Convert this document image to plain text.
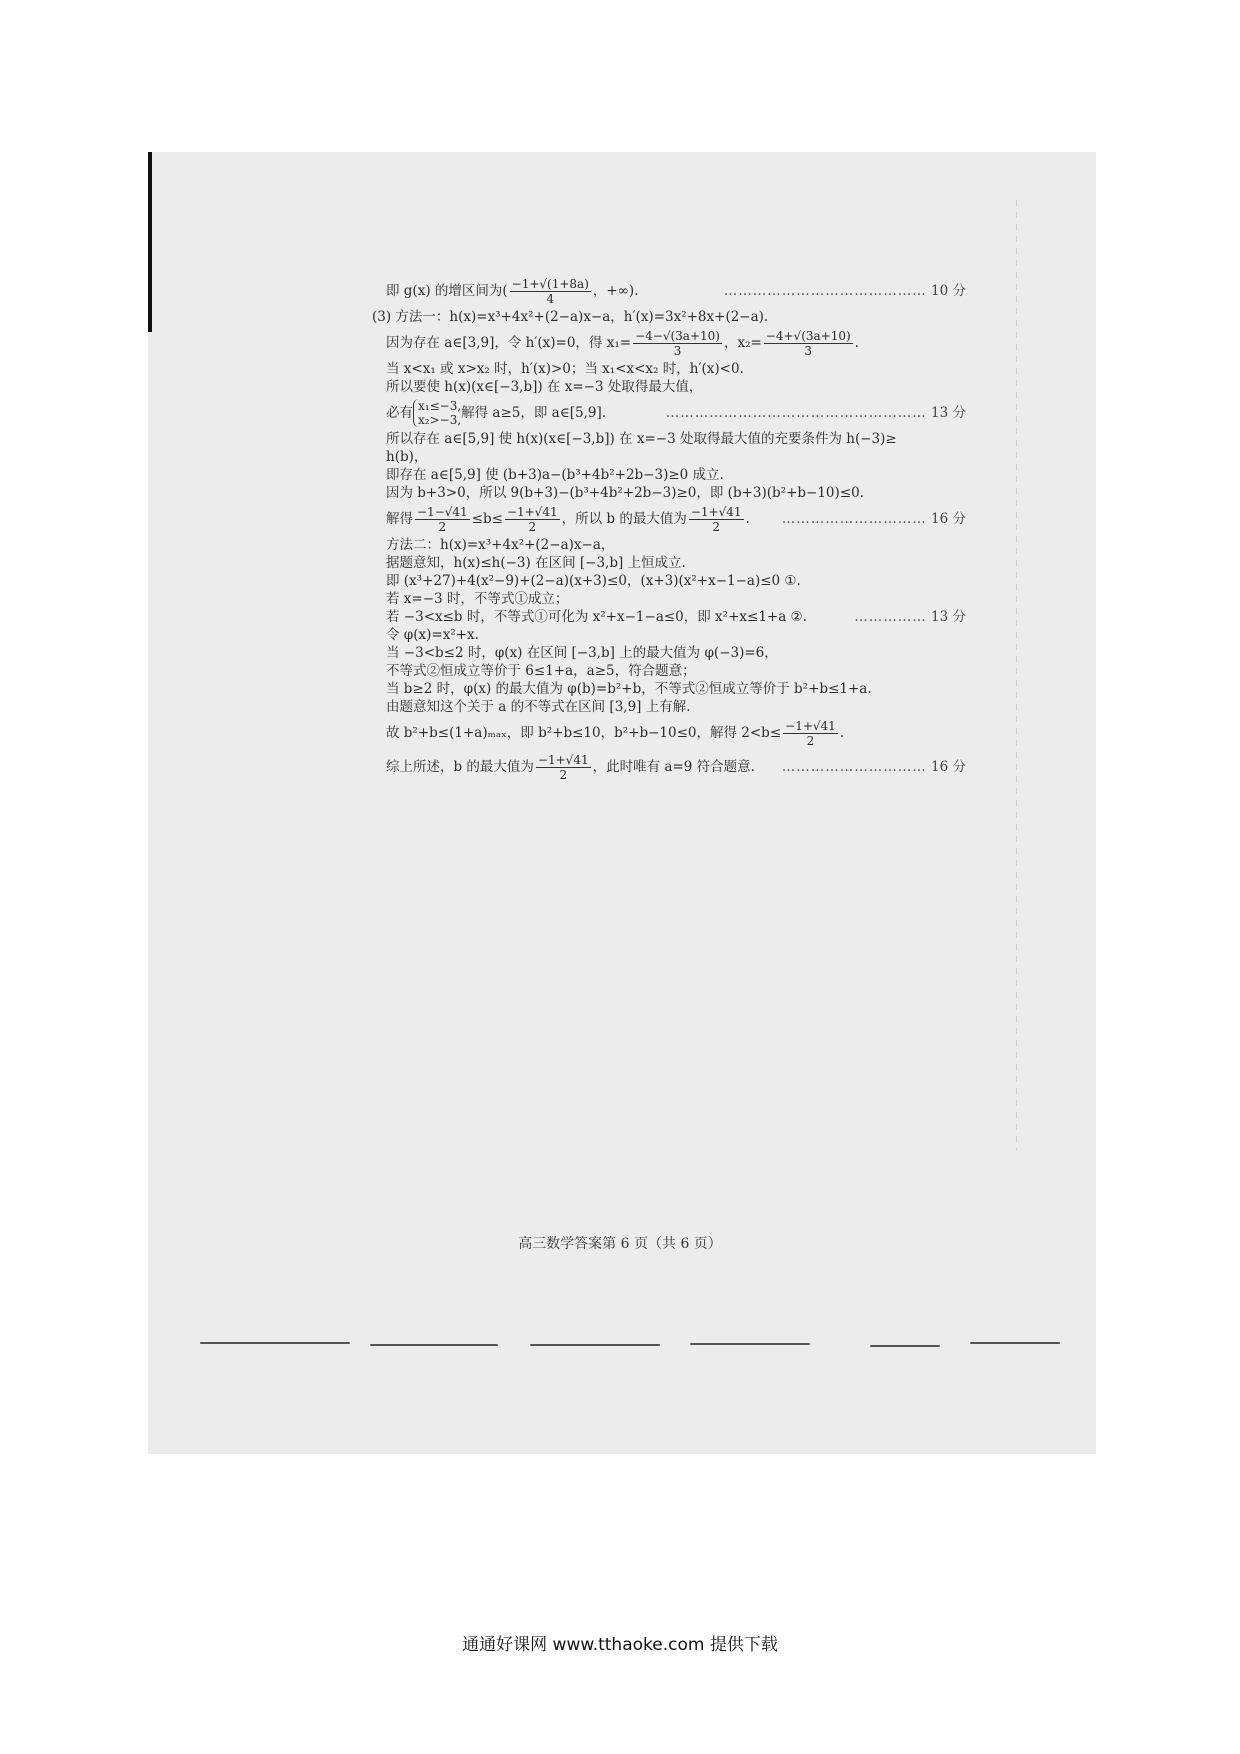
即 g(x) 的增区间为( $\frac{-1+√(1+8a)}{4}$ ，+∞).	…………………………………… 10 分
(3) 方法一：h(x)=x³+4x²+(2−a)x−a，h′(x)=3x²+8x+(2−a).
因为存在 a∈[3,9]，令 h′(x)=0，得 $x_1= \frac{-4-√(3a+10)}{3}$ ，$x_2= \frac{-4+√(3a+10)}{3}$ .
当 x<x₁ 或 x>x₂ 时，h′(x)>0；当 x₁<x<x₂ 时，h′(x)<0.
所以要使 h(x)(x∈[−3,b]) 在 x=−3 处取得最大值，
必有 x₁≤−3,
x₂>−3, 解得 a≥5，即 a∈[5,9].	……………………………………………… 13 分
所以存在 a∈[5,9] 使 h(x)(x∈[−3,b]) 在 x=−3 处取得最大值的充要条件为 h(−3)≥
h(b)，
即存在 a∈[5,9] 使 (b+3)a−(b³+4b²+2b−3)≥0 成立.
因为 b+3>0，所以 9(b+3)−(b³+4b²+2b−3)≥0，即 (b+3)(b²+b−10)≤0.
解得 $\frac{-1-√41}{2} \le b\le \frac{-1+√41}{2}$ ，所以 b 的最大值为 $\frac{-1+√41}{2}$ . ………………………… 16 分
方法二：h(x)=x³+4x²+(2−a)x−a，
据题意知，h(x)≤h(−3) 在区间 [−3,b] 上恒成立.
即 (x³+27)+4(x²−9)+(2−a)(x+3)≤0，(x+3)(x²+x−1−a)≤0 ①.
若 x=−3 时，不等式①成立；
若 −3<x≤b 时，不等式①可化为 x²+x−1−a≤0，即 x²+x≤1+a ②.	…………… 13 分
令 φ(x)=x²+x.
当 −3<b≤2 时，φ(x) 在区间 [−3,b] 上的最大值为 φ(−3)=6，
不等式②恒成立等价于 6≤1+a，a≥5，符合题意；
当 b≥2 时，φ(x) 的最大值为 φ(b)=b²+b，不等式②恒成立等价于 b²+b≤1+a.
由题意知这个关于 a 的不等式在区间 [3,9] 上有解.
故 b²+b≤(1+a)ₘₐₓ，即 b²+b≤10，b²+b−10≤0，解得 $2<b\le \frac{-1+√41}{2}$ .
综上所述，b 的最大值为 $\frac{-1+√41}{2}$ ，此时唯有 a=9 符合题意. ………………………… 16 分
高三数学答案第 6 页（共 6 页）
通通好课网 www.tthaoke.com 提供下载
